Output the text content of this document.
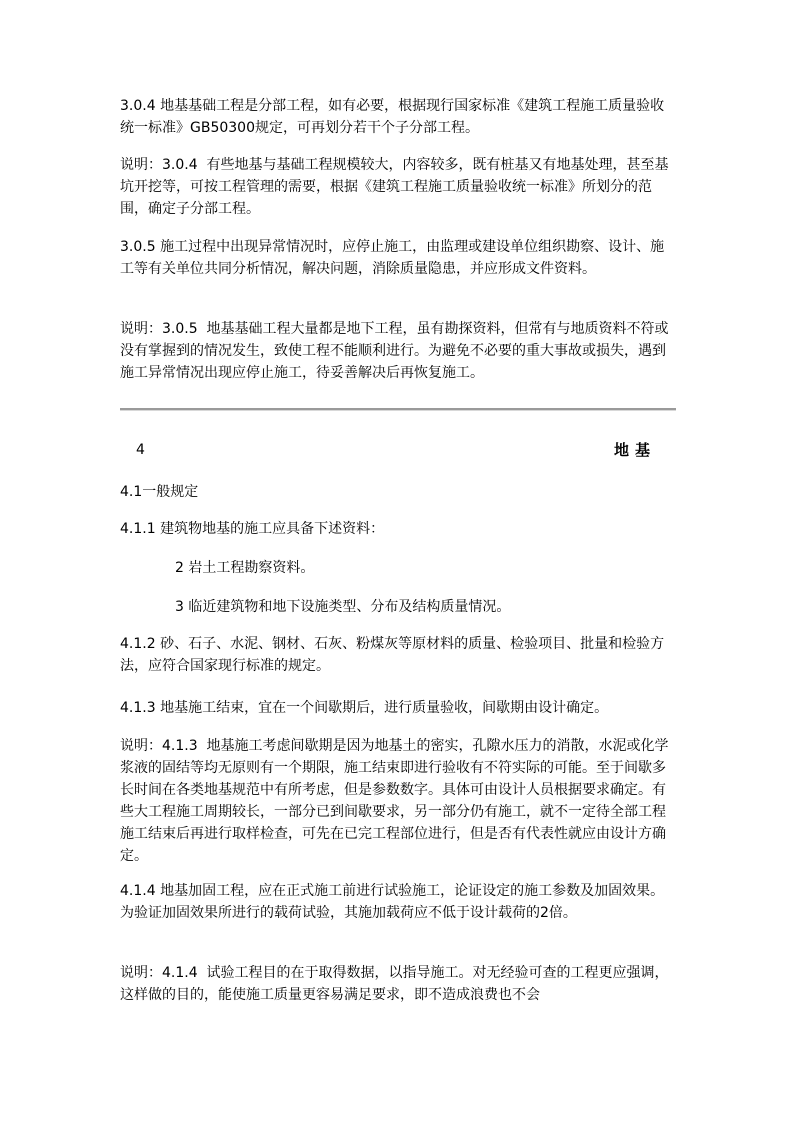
3.0.4 地基基础工程是分部工程，如有必要，根据现行国家标准《建筑工程施工质量验收统一标准》GB50300规定，可再划分若干个子分部工程。

说明：3.0.4  有些地基与基础工程规模较大，内容较多，既有桩基又有地基处理，甚至基坑开挖等，可按工程管理的需要，根据《建筑工程施工质量验收统一标准》所划分的范围，确定子分部工程。

3.0.5 施工过程中出现异常情况时，应停止施工，由监理或建设单位组织勘察、设计、施工等有关单位共同分析情况，解决问题，消除质量隐患，并应形成文件资料。

说明：3.0.5  地基基础工程大量都是地下工程，虽有勘探资料，但常有与地质资料不符或没有掌握到的情况发生，致使工程不能顺利进行。为避免不必要的重大事故或损失，遇到施工异常情况出现应停止施工，待妥善解决后再恢复施工。

4	地基

4.1一般规定

4.1.1 建筑物地基的施工应具备下述资料：

2 岩土工程勘察资料。

3 临近建筑物和地下设施类型、分布及结构质量情况。

4.1.2 砂、石子、水泥、钢材、石灰、粉煤灰等原材料的质量、检验项目、批量和检验方法，应符合国家现行标准的规定。

4.1.3 地基施工结束，宜在一个间歇期后，进行质量验收，间歇期由设计确定。

说明：4.1.3  地基施工考虑间歇期是因为地基土的密实，孔隙水压力的消散，水泥或化学浆液的固结等均无原则有一个期限，施工结束即进行验收有不符实际的可能。至于间歇多长时间在各类地基规范中有所考虑，但是参数数字。具体可由设计人员根据要求确定。有些大工程施工周期较长，一部分已到间歇要求，另一部分仍有施工，就不一定待全部工程施工结束后再进行取样检查，可先在已完工程部位进行，但是否有代表性就应由设计方确定。

4.1.4 地基加固工程，应在正式施工前进行试验施工，论证设定的施工参数及加固效果。为验证加固效果所进行的载荷试验，其施加载荷应不低于设计载荷的2倍。

说明：4.1.4  试验工程目的在于取得数据，以指导施工。对无经验可查的工程更应强调，这样做的目的，能使施工质量更容易满足要求，即不造成浪费也不会
